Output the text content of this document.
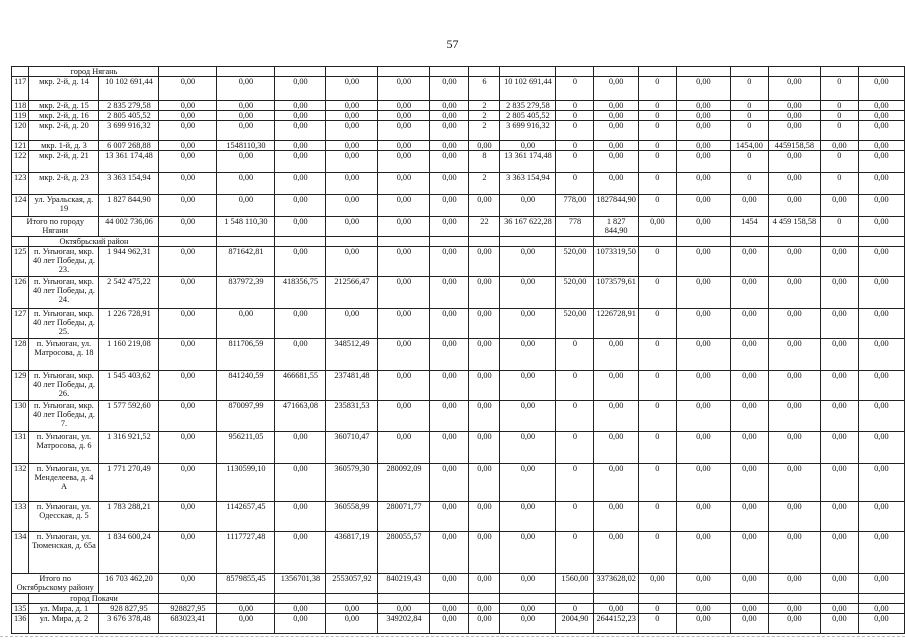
57
	город Нягань																	
117	мкр. 2-й, д. 14	10 102 691,44	0,00	0,00	0,00	0,00	0,00	0,00	6	10 102 691,44	0	0,00	0	0,00	0	0,00	0	0,00
118	мкр. 2-й, д. 15	2 835 279,58	0,00	0,00	0,00	0,00	0,00	0,00	2	2 835 279,58	0	0,00	0	0,00	0	0,00	0	0,00
119	мкр. 2-й, д. 16	2 805 405,52	0,00	0,00	0,00	0,00	0,00	0,00	2	2 805 405,52	0	0,00	0	0,00	0	0,00	0	0,00
120	мкр. 2-й, д. 20	3 699 916,32	0,00	0,00	0,00	0,00	0,00	0,00	2	3 699 916,32	0	0,00	0	0,00	0	0,00	0	0,00
121	мкр. 1-й, д. 3	6 007 268,88	0,00	1548110,30	0,00	0,00	0,00	0,00	0,00	0,00	0	0,00	0	0,00	1454,00	4459158,58	0,00	0,00
122	мкр. 2-й, д. 21	13 361 174,48	0,00	0,00	0,00	0,00	0,00	0,00	8	13 361 174,48	0	0,00	0	0,00	0	0,00	0	0,00
123	мкр. 2-й, д. 23	3 363 154,94	0,00	0,00	0,00	0,00	0,00	0,00	2	3 363 154,94	0	0,00	0	0,00	0	0,00	0	0,00
124	ул. Уральская, д. 19	1 827 844,90	0,00	0,00	0,00	0,00	0,00	0,00	0,00	0,00	778,00	1827844,90	0	0,00	0,00	0,00	0,00	0,00
Итого по городу Нягани		44 002 736,06	0,00	1 548 110,30	0,00	0,00	0,00	0,00	22	36 167 622,28	778	1 827 844,90	0,00	0,00	1454	4 459 158,58	0	0,00
	Октябрьский район																	
125	п. Унъюган, мкр. 40 лет Победы, д. 23.	1 944 962,31	0,00	871642,81	0,00	0,00	0,00	0,00	0,00	0,00	520,00	1073319,50	0	0,00	0,00	0,00	0,00	0,00
126	п. Унъюган, мкр. 40 лет Победы, д. 24.	2 542 475,22	0,00	837972,39	418356,75	212566,47	0,00	0,00	0,00	0,00	520,00	1073579,61	0	0,00	0,00	0,00	0,00	0,00
127	п. Унъюган, мкр. 40 лет Победы, д. 25.	1 226 728,91	0,00	0,00	0,00	0,00	0,00	0,00	0,00	0,00	520,00	1226728,91	0	0,00	0,00	0,00	0,00	0,00
128	п. Унъюган, ул. Матросова, д. 18	1 160 219,08	0,00	811706,59	0,00	348512,49	0,00	0,00	0,00	0,00	0	0,00	0	0,00	0,00	0,00	0,00	0,00
129	п. Унъюган, мкр. 40 лет Победы, д. 26.	1 545 403,62	0,00	841240,59	466681,55	237481,48	0,00	0,00	0,00	0,00	0	0,00	0	0,00	0,00	0,00	0,00	0,00
130	п. Унъюган, мкр. 40 лет Победы, д. 7.	1 577 592,60	0,00	870097,99	471663,08	235831,53	0,00	0,00	0,00	0,00	0	0,00	0	0,00	0,00	0,00	0,00	0,00
131	п. Унъюган, ул. Матросова, д. 6	1 316 921,52	0,00	956211,05	0,00	360710,47	0,00	0,00	0,00	0,00	0	0,00	0	0,00	0,00	0,00	0,00	0,00
132	п. Унъюган, ул. Менделеева, д. 4 А	1 771 270,49	0,00	1130599,10	0,00	360579,30	280092,09	0,00	0,00	0,00	0	0,00	0	0,00	0,00	0,00	0,00	0,00
133	п. Унъюган, ул. Одесская, д. 5	1 783 288,21	0,00	1142657,45	0,00	360558,99	280071,77	0,00	0,00	0,00	0	0,00	0	0,00	0,00	0,00	0,00	0,00
134	п. Унъюган, ул. Тюменская, д. 65а	1 834 600,24	0,00	1117727,48	0,00	436817,19	280055,57	0,00	0,00	0,00	0	0,00	0	0,00	0,00	0,00	0,00	0,00
Итого по Октябрьскому району		16 703 462,20	0,00	8579855,45	1356701,38	2553057,92	840219,43	0,00	0,00	0,00	1560,00	3373628,02	0,00	0,00	0,00	0,00	0,00	0,00
	город Покачи																	
135	ул. Мира, д. 1	928 827,95	928827,95	0,00	0,00	0,00	0,00	0,00	0,00	0,00	0	0,00	0	0,00	0,00	0,00	0,00	0,00
136	ул. Мира, д. 2	3 676 378,48	683023,41	0,00	0,00	0,00	349202,84	0,00	0,00	0,00	2004,90	2644152,23	0	0,00	0,00	0,00	0,00	0,00
